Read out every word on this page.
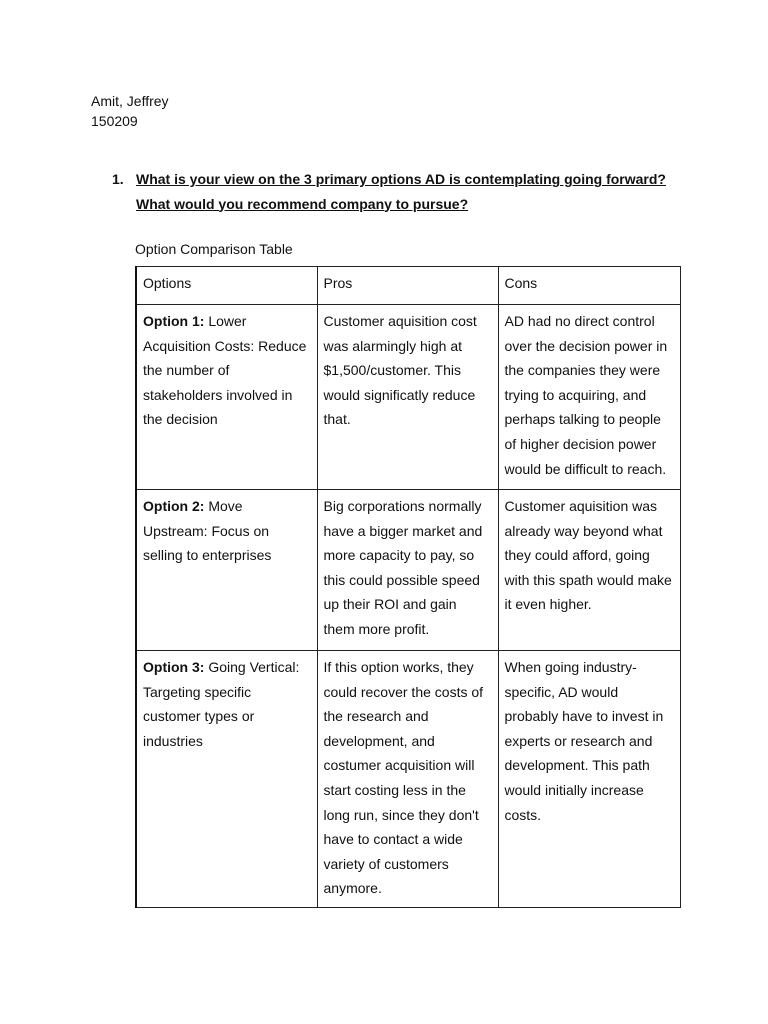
Amit, Jeffrey
150209
1. What is your view on the 3 primary options AD is contemplating going forward?
What would you recommend company to pursue?
Option Comparison Table
Options	Pros	Cons
Option 1: Lower Acquisition Costs: Reduce the number of stakeholders involved in the decision	Customer aquisition cost was alarmingly high at $1,500/customer. This would significatly reduce that.	AD had no direct control over the decision power in the companies they were trying to acquiring, and perhaps talking to people of higher decision power would be difficult to reach.
Option 2: Move Upstream: Focus on selling to enterprises	Big corporations normally have a bigger market and more capacity to pay, so this could possible speed up their ROI and gain them more profit.	Customer aquisition was already way beyond what they could afford, going with this spath would make it even higher.
Option 3: Going Vertical: Targeting specific customer types or industries	If this option works, they could recover the costs of the research and development, and costumer acquisition will start costing less in the long run, since they don't have to contact a wide variety of customers anymore.	When going industry-specific, AD would probably have to invest in experts or research and development. This path would initially increase costs.
